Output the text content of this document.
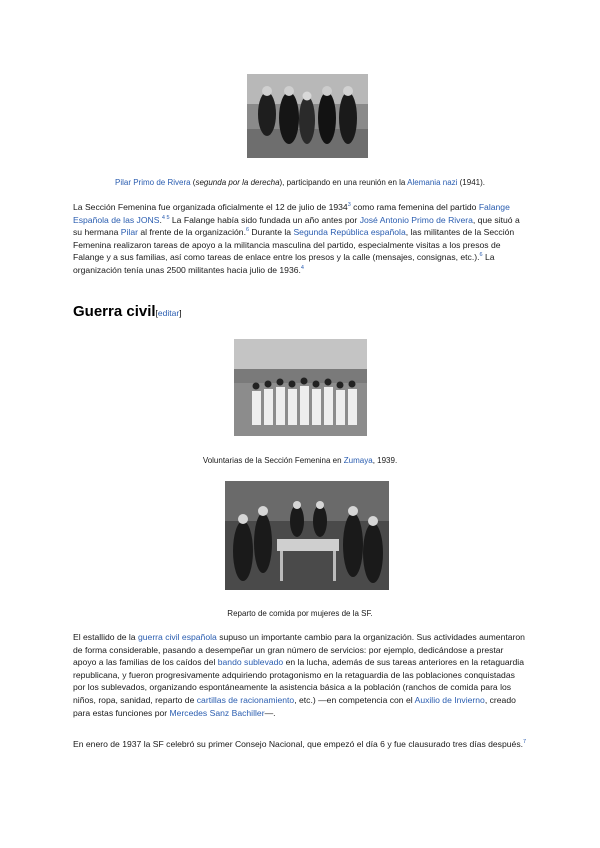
Pilar Primo de Rivera (segunda por la derecha), participando en una reunión en la Alemania nazi (1941).
La Sección Femenina fue organizada oficialmente el 12 de julio de 1934$^3$ como rama femenina del partido Falange Española de las JONS.$^{4 5}$ La Falange había sido fundada un año antes por José Antonio Primo de Rivera, que situó a su hermana Pilar al frente de la organización.$^6$ Durante la Segunda República española, las militantes de la Sección Femenina realizaron tareas de apoyo a la militancia masculina del partido, especialmente visitas a los presos de Falange y a sus familias, así como tareas de enlace entre los presos y la calle (mensajes, consignas, etc.).$^6$ La organización tenía unas 2500 militantes hacia julio de 1936.$^4$
Guerra civil[editar]
Voluntarias de la Sección Femenina en Zumaya, 1939.
Reparto de comida por mujeres de la SF.
El estallido de la guerra civil española supuso un importante cambio para la organización. Sus actividades aumentaron de forma considerable, pasando a desempeñar un gran número de servicios: por ejemplo, dedicándose a prestar apoyo a las familias de los caídos del bando sublevado en la lucha, además de sus tareas anteriores en la retaguardia republicana, y fueron progresivamente adquiriendo protagonismo en la retaguardia de las poblaciones conquistadas por los sublevados, organizando espontáneamente la asistencia básica a la población (ranchos de comida para los niños, ropa, sanidad, reparto de cartillas de racionamiento, etc.) —en competencia con el Auxilio de Invierno, creado para estas funciones por Mercedes Sanz Bachiller—.
En enero de 1937 la SF celebró su primer Consejo Nacional, que empezó el día 6 y fue clausurado tres días después.$^7$
